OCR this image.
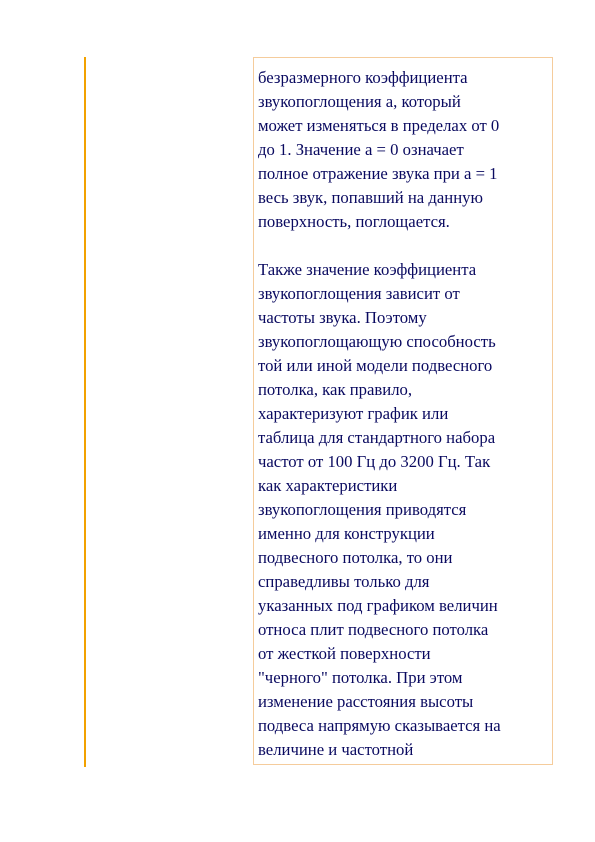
безразмерного коэффициента
звукопоглощения а, который
может изменяться в пределах от 0
до 1. Значение а = 0 означает
полное отражение звука при а = 1
весь звук, попавший на данную
поверхность, поглощается.

Также значение коэффициента
звукопоглощения зависит от
частоты звука. Поэтому
звукопоглощающую способность
той или иной модели подвесного
потолка, как правило,
характеризуют график или
таблица для стандартного набора
частот от 100 Гц до 3200 Гц. Так
как характеристики
звукопоглощения приводятся
именно для конструкции
подвесного потолка, то они
справедливы только для
указанных под графиком величин
относа плит подвесного потолка
от жесткой поверхности
"черного" потолка. При этом
изменение расстояния высоты
подвеса напрямую сказывается на
величине и частотной
